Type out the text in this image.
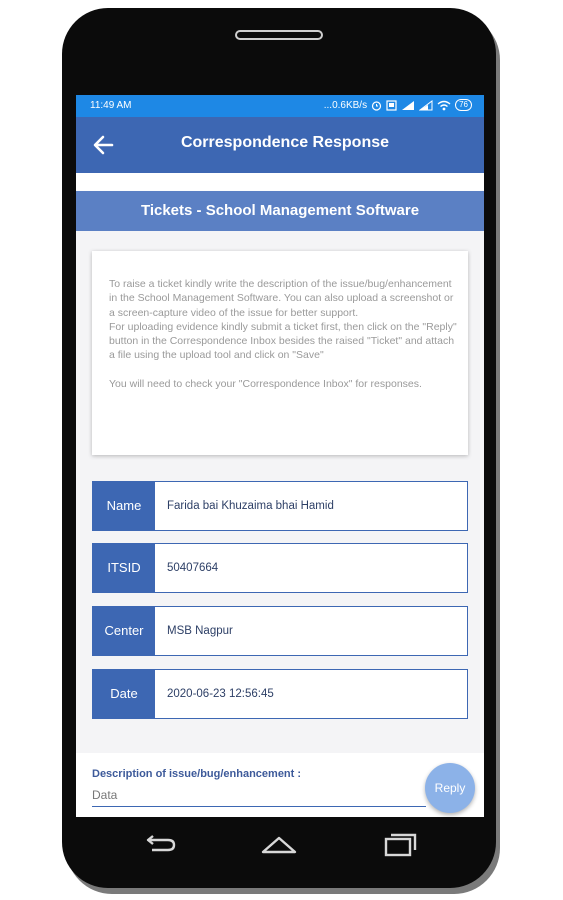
11:49 AM	...0.6KB/s	76
Correspondence Response
Tickets - School Management Software

To raise a ticket kindly write the description of the issue/bug/enhancement in the School Management Software. You can also upload a screenshot or a screen-capture video of the issue for better support.
For uploading evidence kindly submit a ticket first, then click on the "Reply" button in the Correspondence Inbox besides the raised "Ticket" and attach a file using the upload tool and click on "Save"

You will need to check your "Correspondence Inbox" for responses.

Name	Farida bai Khuzaima bhai Hamid
ITSID	50407664
Center	MSB Nagpur
Date	2020-06-23 12:56:45
Description of issue/bug/enhancement :
Data
Reply
